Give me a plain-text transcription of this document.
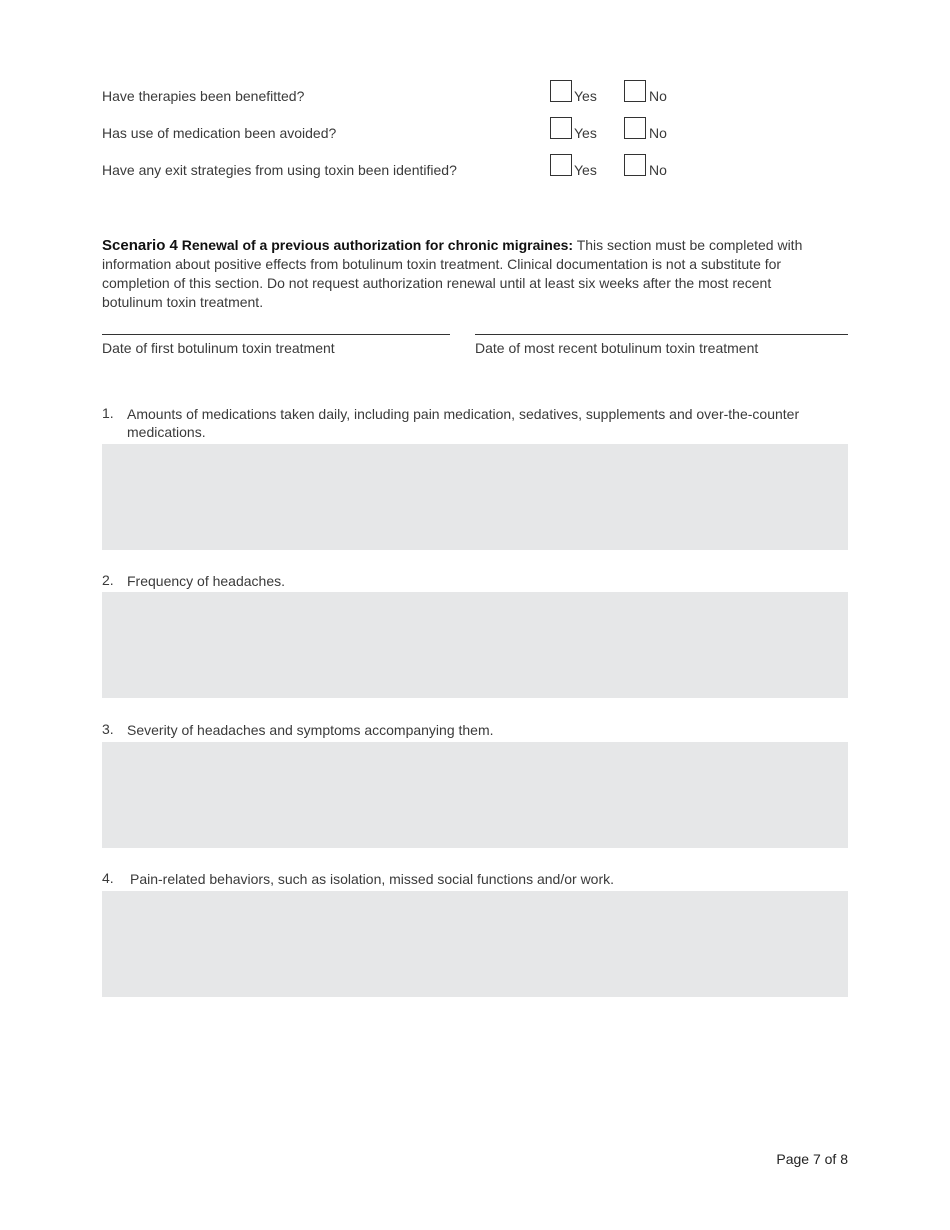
Have therapies been benefitted?	Yes	No
Has use of medication been avoided?	Yes	No
Have any exit strategies from using toxin been identified?	Yes	No

Scenario 4 Renewal of a previous authorization for chronic migraines: This section must be completed with information about positive effects from botulinum toxin treatment. Clinical documentation is not a substitute for completion of this section. Do not request authorization renewal until at least six weeks after the most recent botulinum toxin treatment.

Date of first botulinum toxin treatment	Date of most recent botulinum toxin treatment
1. Amounts of medications taken daily, including pain medication, sedatives, supplements and over-the-counter medications.
2. Frequency of headaches.
3. Severity of headaches and symptoms accompanying them.
4. Pain-related behaviors, such as isolation, missed social functions and/or work.
Page 7 of 8
